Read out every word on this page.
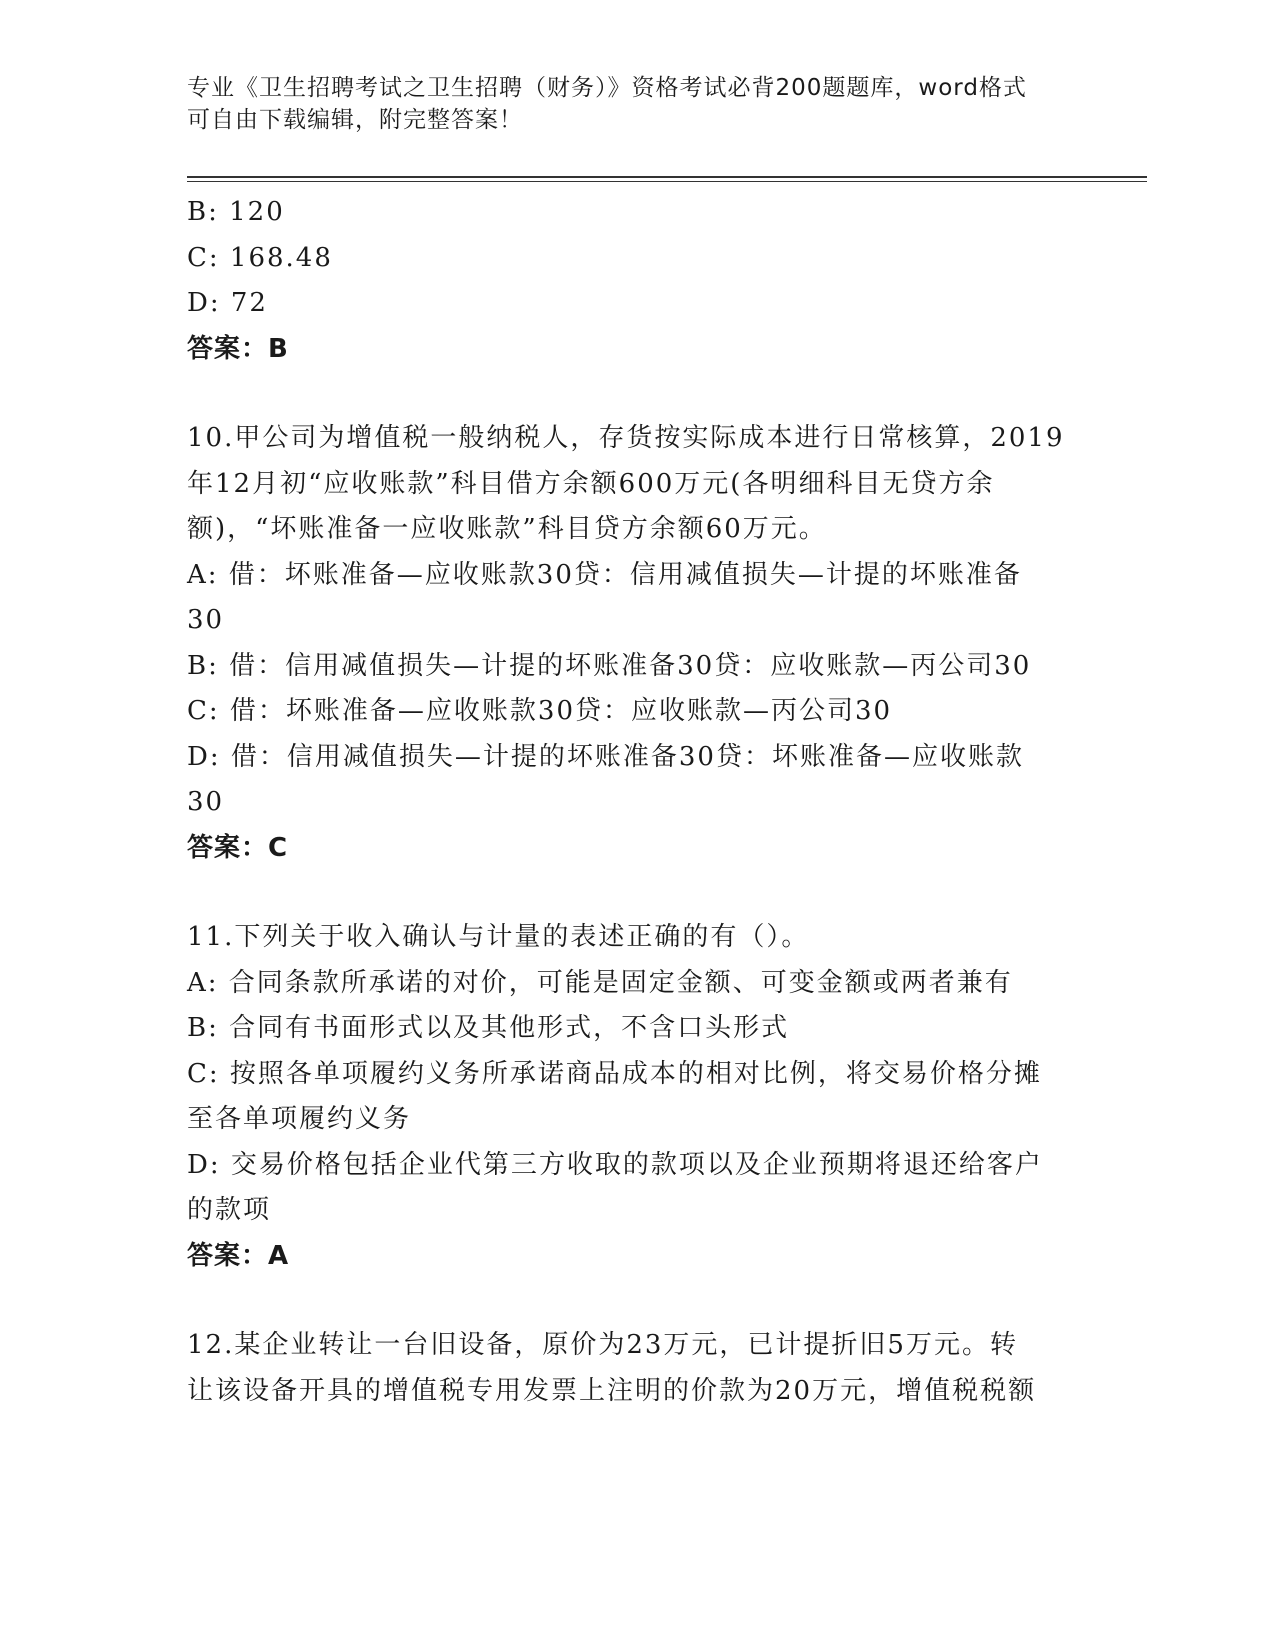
专业《卫生招聘考试之卫生招聘（财务）》资格考试必背200题题库，word格式
可自由下载编辑，附完整答案！

B: 120

C: 168.48

D: 72

答案：B

10.甲公司为增值税一般纳税人，存货按实际成本进行日常核算，2019

年12月初“应收账款”科目借方余额600万元(各明细科目无贷方余

额)，“坏账准备一应收账款”科目贷方余额60万元。

A: 借：坏账准备—应收账款30贷：信用减值损失—计提的坏账准备

30

B: 借：信用减值损失—计提的坏账准备30贷：应收账款—丙公司30

C: 借：坏账准备—应收账款30贷：应收账款—丙公司30

D: 借：信用减值损失—计提的坏账准备30贷：坏账准备—应收账款

30

答案：C

11.下列关于收入确认与计量的表述正确的有（）。

A: 合同条款所承诺的对价，可能是固定金额、可变金额或两者兼有

B: 合同有书面形式以及其他形式，不含口头形式

C: 按照各单项履约义务所承诺商品成本的相对比例，将交易价格分摊

至各单项履约义务

D: 交易价格包括企业代第三方收取的款项以及企业预期将退还给客户

的款项

答案：A

12.某企业转让一台旧设备，原价为23万元，已计提折旧5万元。转

让该设备开具的增值税专用发票上注明的价款为20万元，增值税税额
